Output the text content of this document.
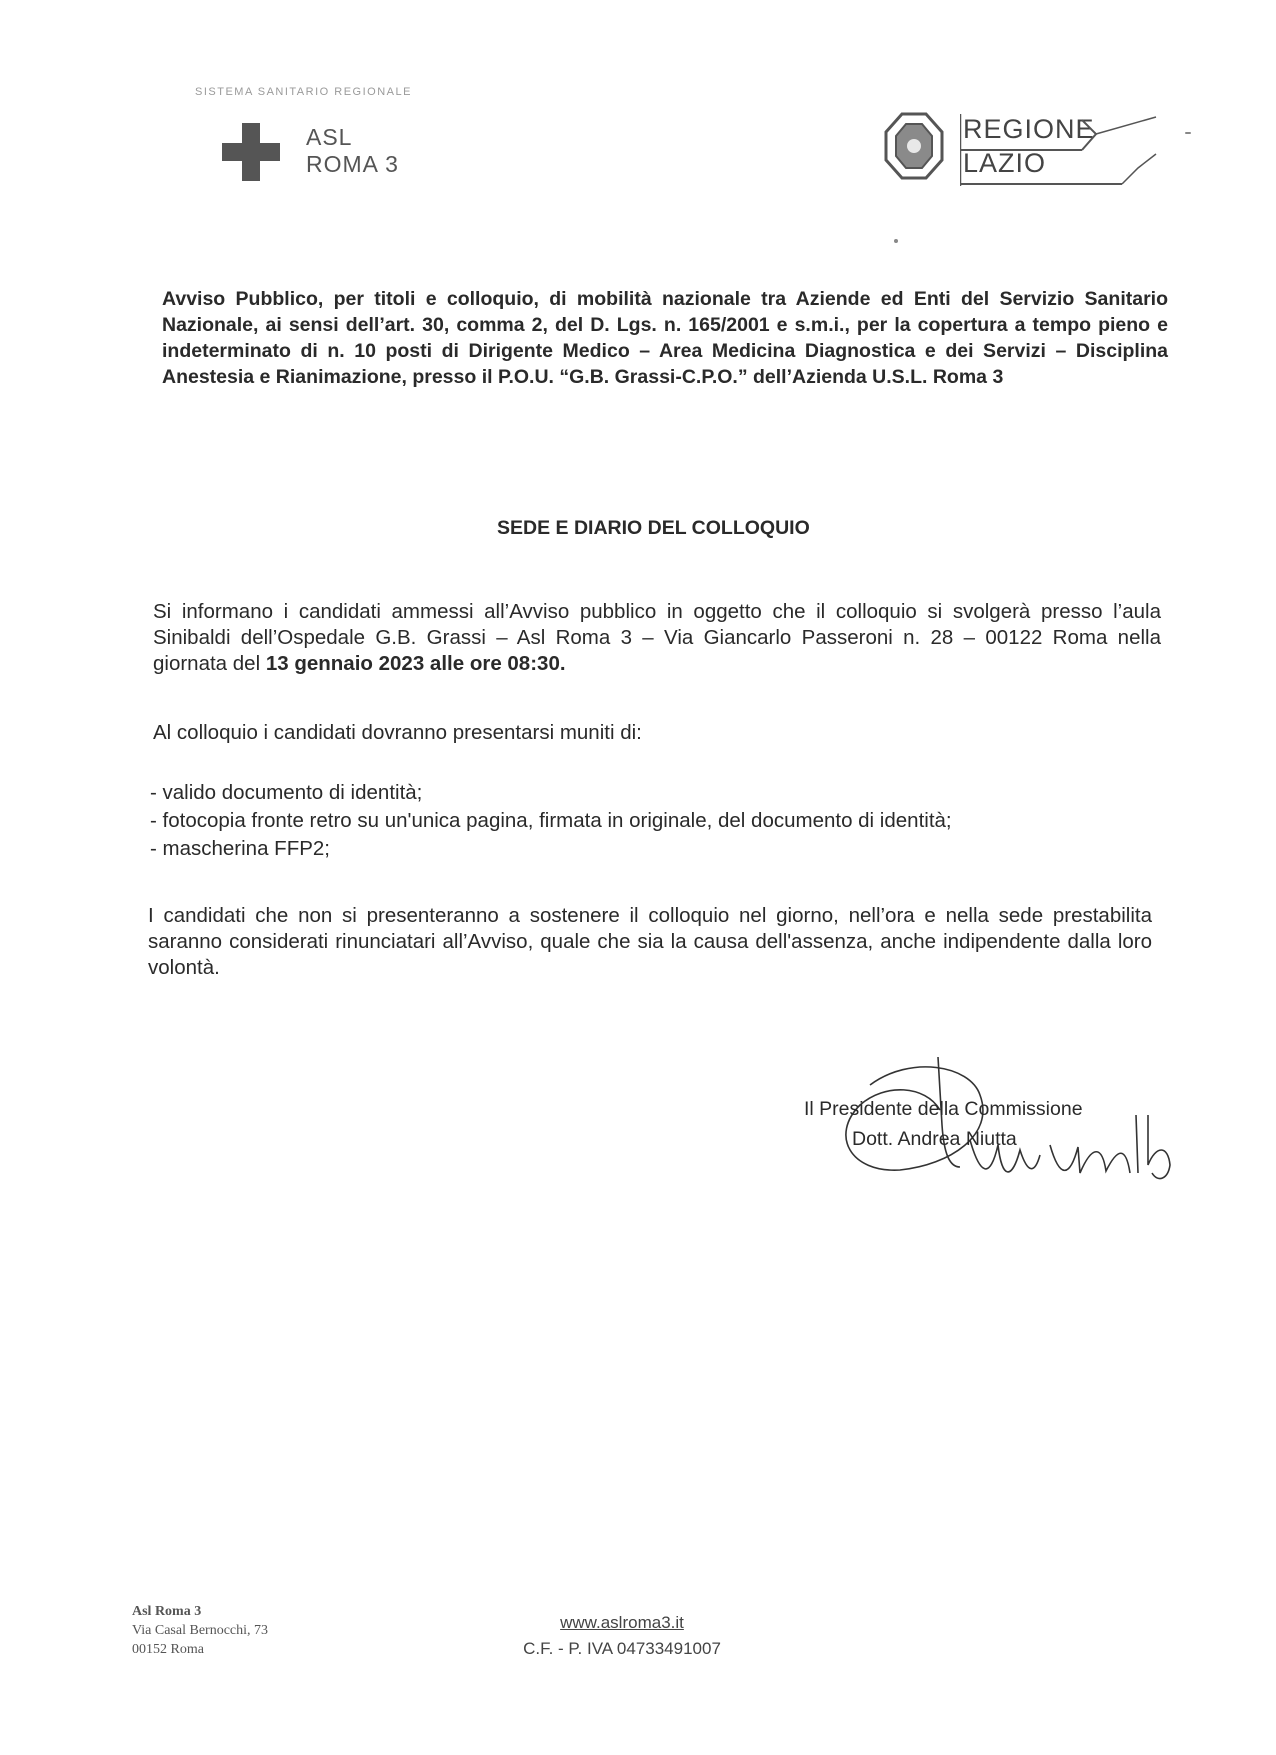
SISTEMA SANITARIO REGIONALE
ASL
ROMA 3
REGIONE
LAZIO
Avviso Pubblico, per titoli e colloquio, di mobilità nazionale tra Aziende ed Enti del Servizio Sanitario Nazionale, ai sensi dell’art. 30, comma 2, del D. Lgs. n. 165/2001 e s.m.i., per la copertura a tempo pieno e indeterminato di n. 10 posti di Dirigente Medico – Area Medicina Diagnostica e dei Servizi – Disciplina Anestesia e Rianimazione, presso il P.O.U. “G.B. Grassi-C.P.O.” dell’Azienda U.S.L. Roma 3
SEDE E DIARIO DEL COLLOQUIO
Si informano i candidati ammessi all’Avviso pubblico in oggetto che il colloquio si svolgerà presso l’aula Sinibaldi dell’Ospedale G.B. Grassi – Asl Roma 3 – Via Giancarlo Passeroni n. 28 – 00122 Roma nella giornata del 13 gennaio 2023 alle ore 08:30.
Al colloquio i candidati dovranno presentarsi muniti di:
- valido documento di identità;
- fotocopia fronte retro su un'unica pagina, firmata in originale, del documento di identità;
- mascherina FFP2;
I candidati che non si presenteranno a sostenere il colloquio nel giorno, nell’ora e nella sede prestabilita saranno considerati rinunciatari all’Avviso, quale che sia la causa dell'assenza, anche indipendente dalla loro volontà.
Il Presidente della Commissione
Dott. Andrea Niutta
Asl Roma 3
Via Casal Bernocchi, 73
00152 Roma
www.aslroma3.it
C.F. - P. IVA 04733491007
